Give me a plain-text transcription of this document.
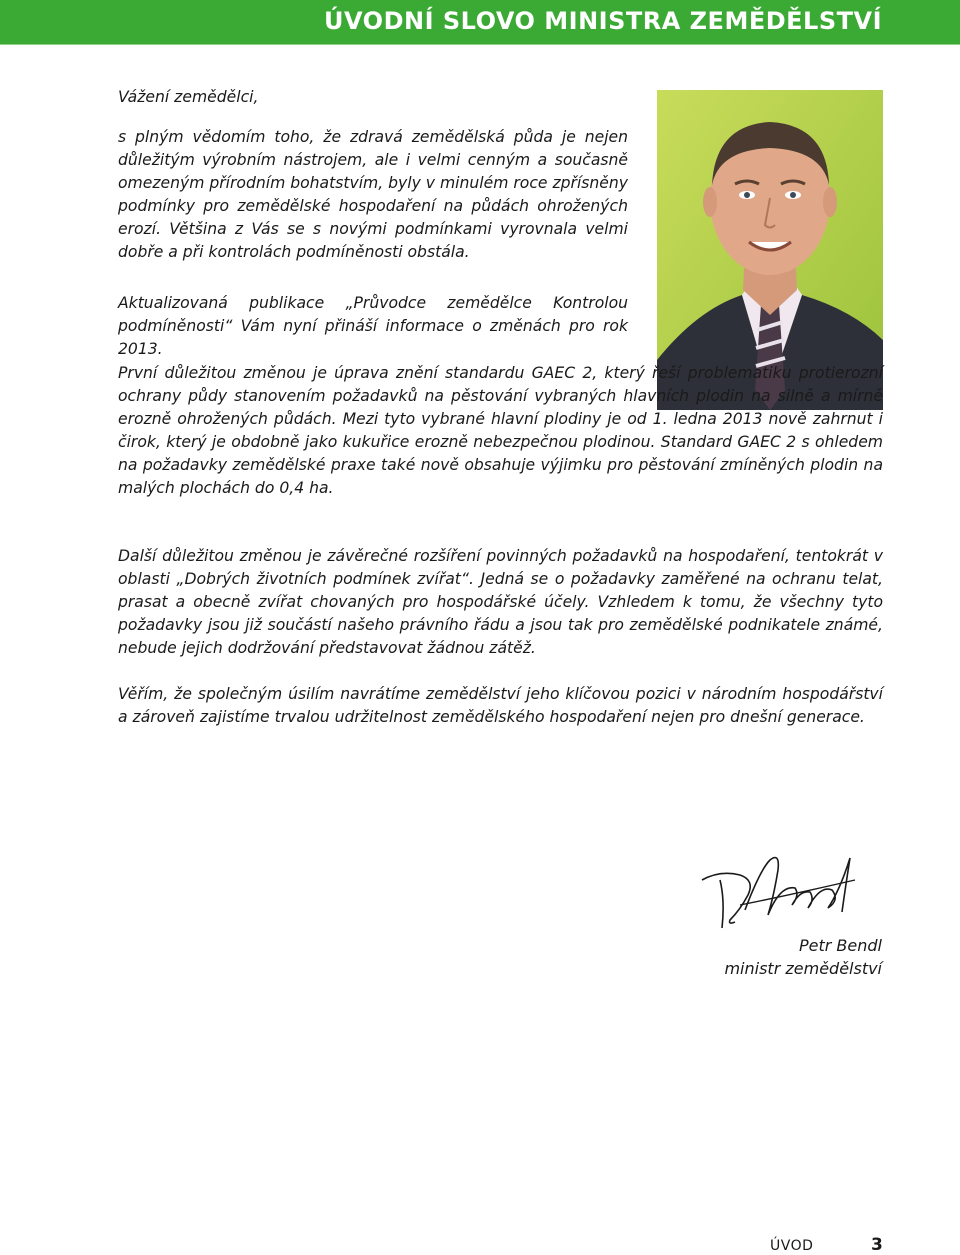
ÚVODNÍ SLOVO MINISTRA ZEMĚDĚLSTVÍ
Vážení zemědělci,
s plným vědomím toho, že zdravá zemědělská půda je nejen důležitým výrobním nástrojem, ale i velmi cenným a současně omezeným přírodním bohatstvím, byly v minulém roce zpřísněny podmínky pro zemědělské hospodaření na půdách ohrožených erozí. Většina z Vás se s novými podmínkami vyrovnala velmi dobře a při kontrolách podmíněnosti obstála.
Aktualizovaná publikace „Průvodce zemědělce Kontrolou podmíněnosti“ Vám nyní přináší informace o změnách pro rok 2013.
První důležitou změnou je úprava znění standardu GAEC 2, který řeší problematiku protierozní ochrany půdy stanovením požadavků na pěstování vybraných hlavních plodin na silně a mírně erozně ohrožených půdách. Mezi tyto vybrané hlavní plodiny je od 1. ledna 2013 nově zahrnut i čirok, který je obdobně jako kukuřice erozně nebezpečnou plodinou. Standard GAEC 2 s ohledem na požadavky zemědělské praxe také nově obsahuje výjimku pro pěstování zmíněných plodin na malých plochách do 0,4 ha.
Další důležitou změnou je závěrečné rozšíření povinných požadavků na hospodaření, tentokrát v oblasti „Dobrých životních podmínek zvířat“. Jedná se o požadavky zaměřené na ochranu telat, prasat a obecně zvířat chovaných pro hospodářské účely. Vzhledem k tomu, že všechny tyto požadavky jsou již součástí našeho právního řádu a jsou tak pro zemědělské podnikatele známé, nebude jejich dodržování představovat žádnou zátěž.
Věřím, že společným úsilím navrátíme zemědělství jeho klíčovou pozici v národním hospodářství a zároveň zajistíme trvalou udržitelnost zemědělského hospodaření nejen pro dnešní generace.
Petr Bendl
ministr zemědělství
ÚVOD	3
